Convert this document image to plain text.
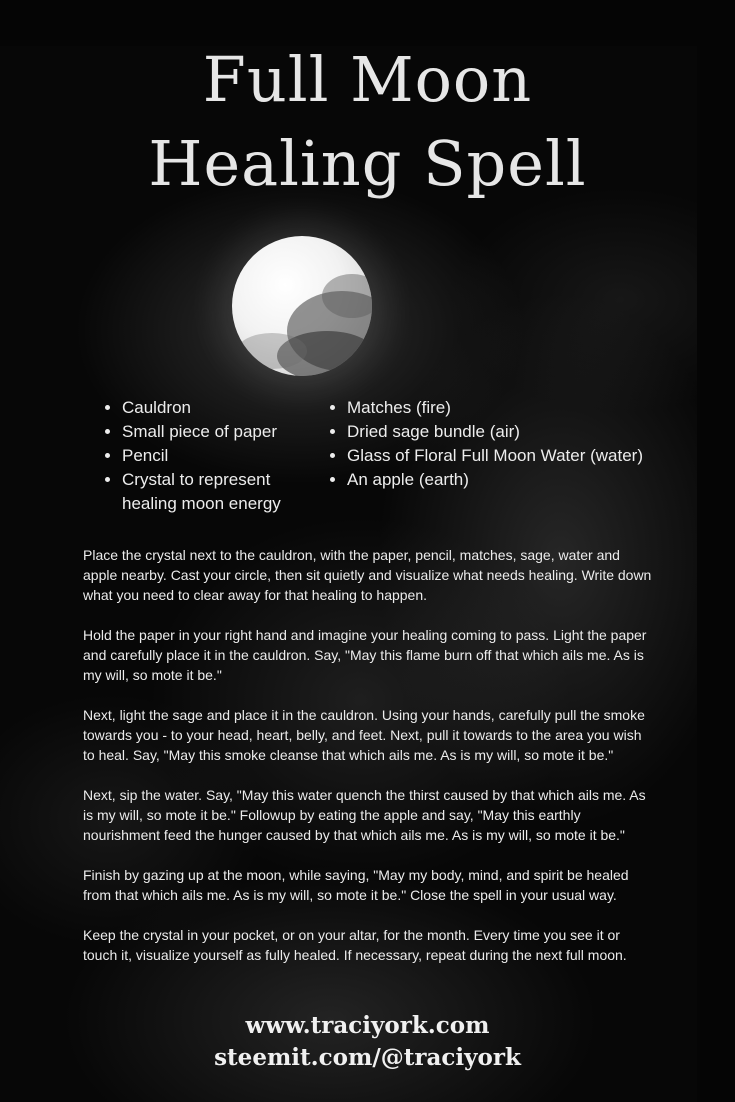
Full Moon
Healing Spell
• Cauldron
• Small piece of paper
• Pencil
• Crystal to represent healing moon energy
• Matches (fire)
• Dried sage bundle (air)
• Glass of Floral Full Moon Water (water)
• An apple (earth)

Place the crystal next to the cauldron, with the paper, pencil, matches, sage, water and apple nearby. Cast your circle, then sit quietly and visualize what needs healing. Write down what you need to clear away for that healing to happen.

Hold the paper in your right hand and imagine your healing coming to pass. Light the paper and carefully place it in the cauldron. Say, "May this flame burn off that which ails me. As is my will, so mote it be."

Next, light the sage and place it in the cauldron. Using your hands, carefully pull the smoke towards you - to your head, heart, belly, and feet. Next, pull it towards to the area you wish to heal. Say, "May this smoke cleanse that which ails me. As is my will, so mote it be."

Next, sip the water. Say, "May this water quench the thirst caused by that which ails me. As is my will, so mote it be." Followup by eating the apple and say, "May this earthly nourishment feed the hunger caused by that which ails me. As is my will, so mote it be."

Finish by gazing up at the moon, while saying, "May my body, mind, and spirit be healed from that which ails me. As is my will, so mote it be." Close the spell in your usual way.

Keep the crystal in your pocket, or on your altar, for the month. Every time you see it or touch it, visualize yourself as fully healed. If necessary, repeat during the next full moon.

www.traciyork.com
steemit.com/@traciyork
